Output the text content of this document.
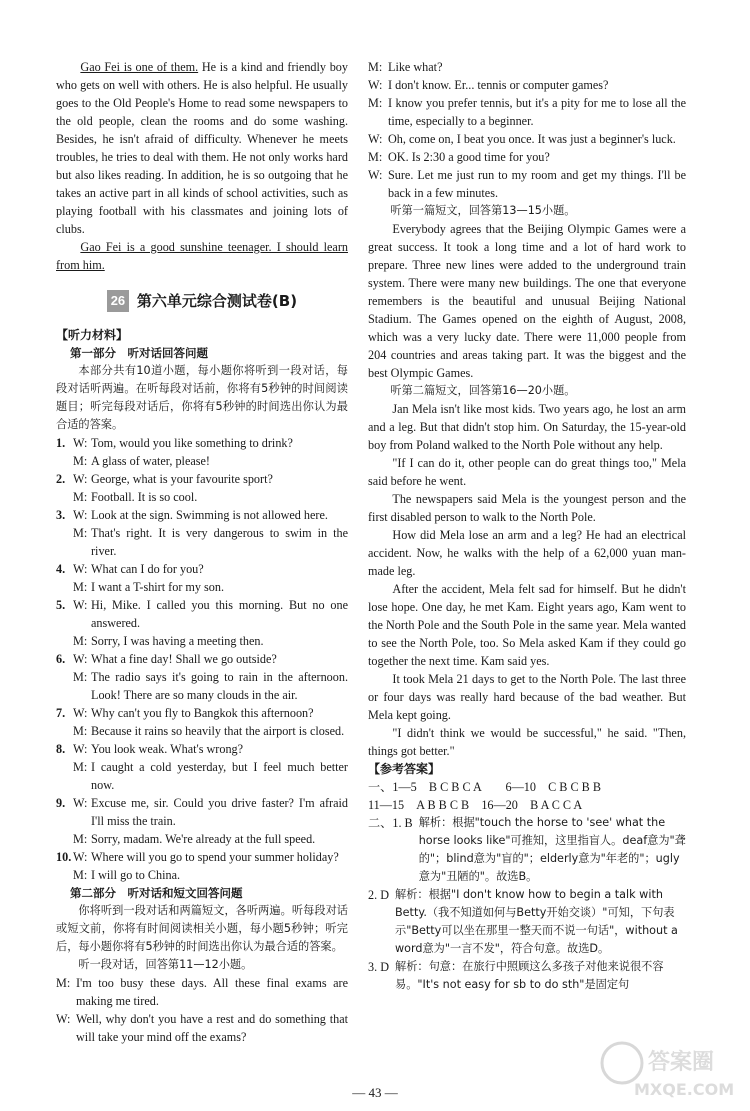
Gao Fei is one of them. He is a kind and friendly boy who gets on well with others. He is also helpful. He usually goes to the Old People's Home to read some newspapers to the old people, clean the rooms and do some washing. Besides, he isn't afraid of difficulty. Whenever he meets troubles, he tries to deal with them. He not only works hard but also likes reading. In addition, he is so outgoing that he takes an active part in all kinds of school activities, such as playing football with his classmates and joining lots of clubs.

Gao Fei is a good sunshine teenager. I should learn from him.

26 第六单元综合测试卷(B)
【听力材料】
第一部分　听对话回答问题

本部分共有10道小题，每小题你将听到一段对话，每段对话听两遍。在听每段对话前，你将有5秒钟的时间阅读题目；听完每段对话后，你将有5秒钟的时间选出你认为最合适的答案。

1. W: Tom, would you like something to drink?
M: A glass of water, please!
2. W: George, what is your favourite sport?
M: Football. It is so cool.
3. W: Look at the sign. Swimming is not allowed here.
M: That's right. It is very dangerous to swim in the river.
4. W: What can I do for you?
M: I want a T-shirt for my son.
5. W: Hi, Mike. I called you this morning. But no one answered.
M: Sorry, I was having a meeting then.
6. W: What a fine day! Shall we go outside?
M: The radio says it's going to rain in the afternoon. Look! There are so many clouds in the air.
7. W: Why can't you fly to Bangkok this afternoon?
M: Because it rains so heavily that the airport is closed.
8. W: You look weak. What's wrong?
M: I caught a cold yesterday, but I feel much better now.
9. W: Excuse me, sir. Could you drive faster? I'm afraid I'll miss the train.
M: Sorry, madam. We're already at the full speed.
10. W: Where will you go to spend your summer holiday?
M: I will go to China.
第二部分　听对话和短文回答问题

你将听到一段对话和两篇短文，各听两遍。听每段对话或短文前，你将有时间阅读相关小题，每小题5秒钟；听完后，每小题你将有5秒钟的时间选出你认为最合适的答案。

听一段对话，回答第11—12小题。

M: I'm too busy these days. All these final exams are making me tired.
W: Well, why don't you have a rest and do something that will take your mind off the exams?
M: Like what?
W: I don't know. Er... tennis or computer games?
M: I know you prefer tennis, but it's a pity for me to lose all the time, especially to a beginner.
W: Oh, come on, I beat you once. It was just a beginner's luck.
M: OK. Is 2:30 a good time for you?
W: Sure. Let me just run to my room and get my things. I'll be back in a few minutes.

听第一篇短文，回答第13—15小题。

Everybody agrees that the Beijing Olympic Games were a great success. It took a long time and a lot of hard work to prepare. Three new lines were added to the underground train system. There were many new buildings. The one that everyone remembers is the beautiful and unusual Beijing National Stadium. The Games opened on the eighth of August, 2008, which was a very lucky date. There were 11,000 people from 204 countries and areas taking part. It was the biggest and the best Olympic Games.

听第二篇短文，回答第16—20小题。

Jan Mela isn't like most kids. Two years ago, he lost an arm and a leg. But that didn't stop him. On Saturday, the 15-year-old boy from Poland walked to the North Pole without any help.

"If I can do it, other people can do great things too," Mela said before he went.

The newspapers said Mela is the youngest person and the first disabled person to walk to the North Pole.

How did Mela lose an arm and a leg? He had an electrical accident. Now, he walks with the help of a 62,000 yuan man-made leg.

After the accident, Mela felt sad for himself. But he didn't lose hope. One day, he met Kam. Eight years ago, Kam went to the North Pole and the South Pole in the same year. Mela wanted to see the North Pole, too. So Mela asked Kam if they could go together the next time. Kam said yes.

It took Mela 21 days to get to the North Pole. The last three or four days was really hard because of the bad weather. But Mela kept going.

"I didn't think we would be successful," he said. "Then, things got better."

【参考答案】
一、1—5　B C B C A　　6—10　C B C B B
11—15　A B B C B　16—20　B A C C A
二、1. B 解析：根据"touch the horse to 'see' what the horse looks like"可推知，这里指盲人。deaf意为"聋的"；blind意为"盲的"；elderly意为"年老的"；ugly意为"丑陋的"。故选B。
2. D 解析：根据"I don't know how to begin a talk with Betty.（我不知道如何与Betty开始交谈）"可知，下句表示"Betty可以坐在那里一整天而不说一句话"，without a word意为"一言不发"，符合句意。故选D。
3. D 解析：句意：在旅行中照顾这么多孩子对他来说很不容易。"It's not easy for sb to do sth"是固定句
— 43 —
答案圈
MXQE.COM
